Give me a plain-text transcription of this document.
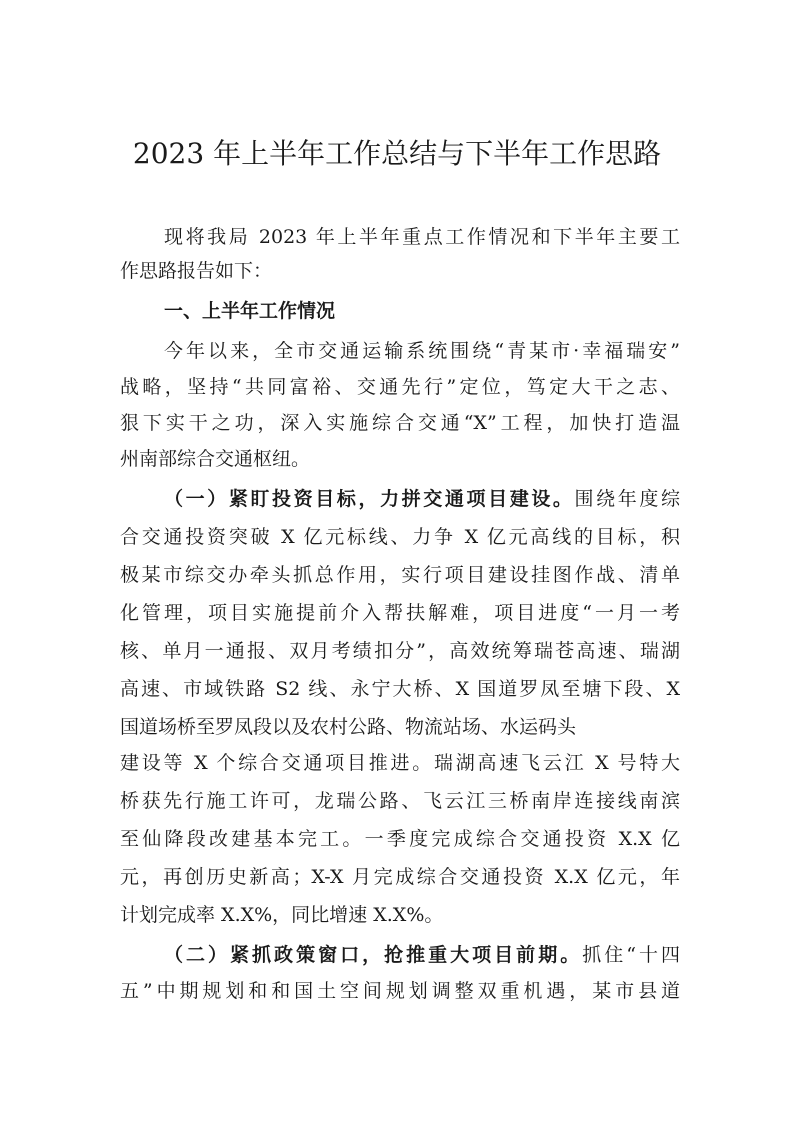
2023 年上半年工作总结与下半年工作思路
现将我局 2023 年上半年重点工作情况和下半年主要工
作思路报告如下：
一、上半年工作情况
今年以来，全市交通运输系统围绕“青某市·幸福瑞安”
战略，坚持“共同富裕、交通先行”定位，笃定大干之志、
狠下实干之功，深入实施综合交通“X”工程，加快打造温
州南部综合交通枢纽。
（一）紧盯投资目标，力拼交通项目建设。围绕年度综
合交通投资突破 X 亿元标线、力争 X 亿元高线的目标，积
极某市综交办牵头抓总作用，实行项目建设挂图作战、清单
化管理，项目实施提前介入帮扶解难，项目进度“一月一考
核、单月一通报、双月考绩扣分”，高效统筹瑞苍高速、瑞湖
高速、市域铁路 S2 线、永宁大桥、X 国道罗凤至塘下段、X
国道场桥至罗凤段以及农村公路、物流站场、水运码头
建设等 X 个综合交通项目推进。瑞湖高速飞云江 X 号特大
桥获先行施工许可，龙瑞公路、飞云江三桥南岸连接线南滨
至仙降段改建基本完工。一季度完成综合交通投资 X.X 亿
元，再创历史新高；X-X 月完成综合交通投资 X.X 亿元，年
计划完成率 X.X%，同比增速 X.X%。
（二）紧抓政策窗口，抢推重大项目前期。抓住“十四
五”中期规划和和国土空间规划调整双重机遇，某市县道
